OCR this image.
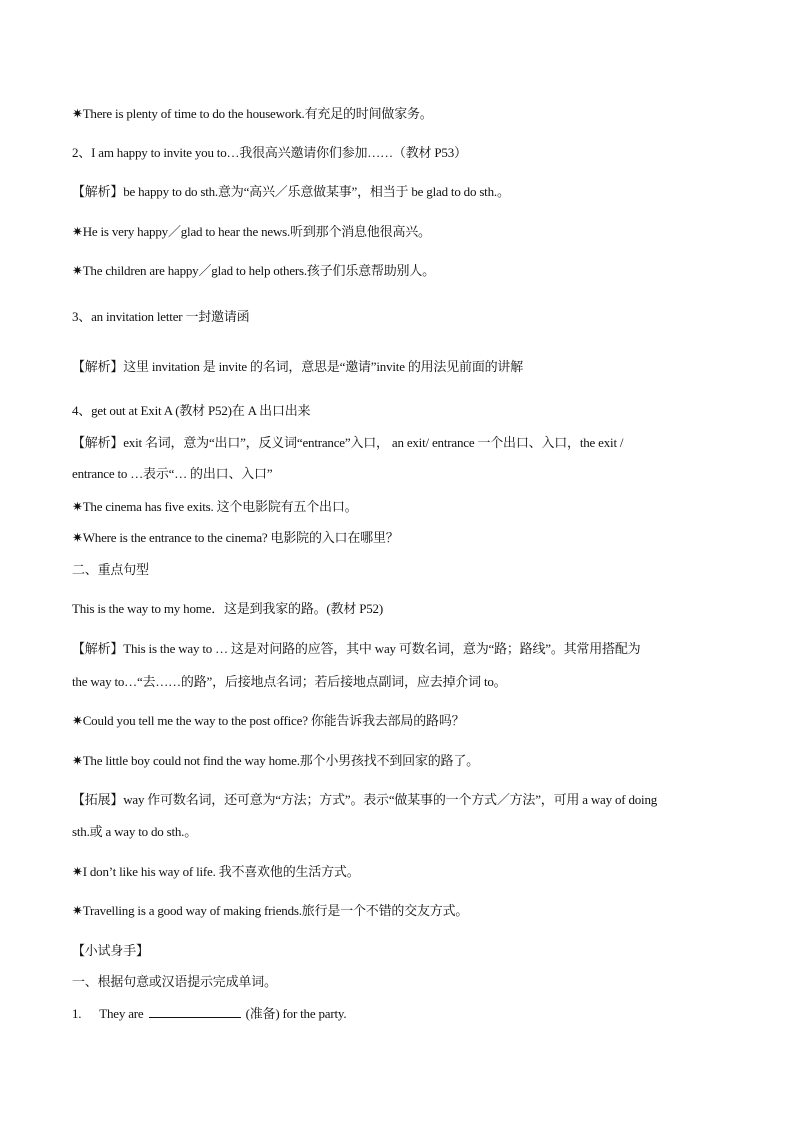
✷There is plenty of time to do the housework.有充足的时间做家务。
2、I am happy to invite you to…我很高兴邀请你们参加……（教材 P53）
【解析】be happy to do sth.意为“高兴／乐意做某事”，相当于 be glad to do sth.。
✷He is very happy／glad to hear the news.听到那个消息他很高兴。
✷The children are happy／glad to help others.孩子们乐意帮助别人。
3、an invitation letter 一封邀请函
【解析】这里 invitation 是 invite 的名词，意思是“邀请”invite 的用法见前面的讲解
4、get out at Exit A (教材 P52)在 A 出口出来
【解析】exit 名词，意为“出口”，反义词“entrance”入口， an exit/ entrance 一个出口、入口，the exit /
entrance to …表示“… 的出口、入口”
✷The cinema has five exits. 这个电影院有五个出口。
✷Where is the entrance to the cinema? 电影院的入口在哪里？
二、重点句型
This is the way to my home．这是到我家的路。(教材 P52)
【解析】This is the way to … 这是对问路的应答，其中 way 可数名词，意为“路；路线”。其常用搭配为
the way to…“去……的路”，后接地点名词；若后接地点副词，应去掉介词 to。
✷Could you tell me the way to the post office? 你能告诉我去部局的路吗？
✷The little boy could not find the way home.那个小男孩找不到回家的路了。
【拓展】way 作可数名词，还可意为“方法；方式”。表示“做某事的一个方式／方法”，可用 a way of doing
sth.或 a way to do sth.。
✷I don’t like his way of life. 我不喜欢他的生活方式。
✷Travelling is a good way of making friends.旅行是一个不错的交友方式。
【小试身手】
一、根据句意或汉语提示完成单词。
1. They are	(准备) for the party.
